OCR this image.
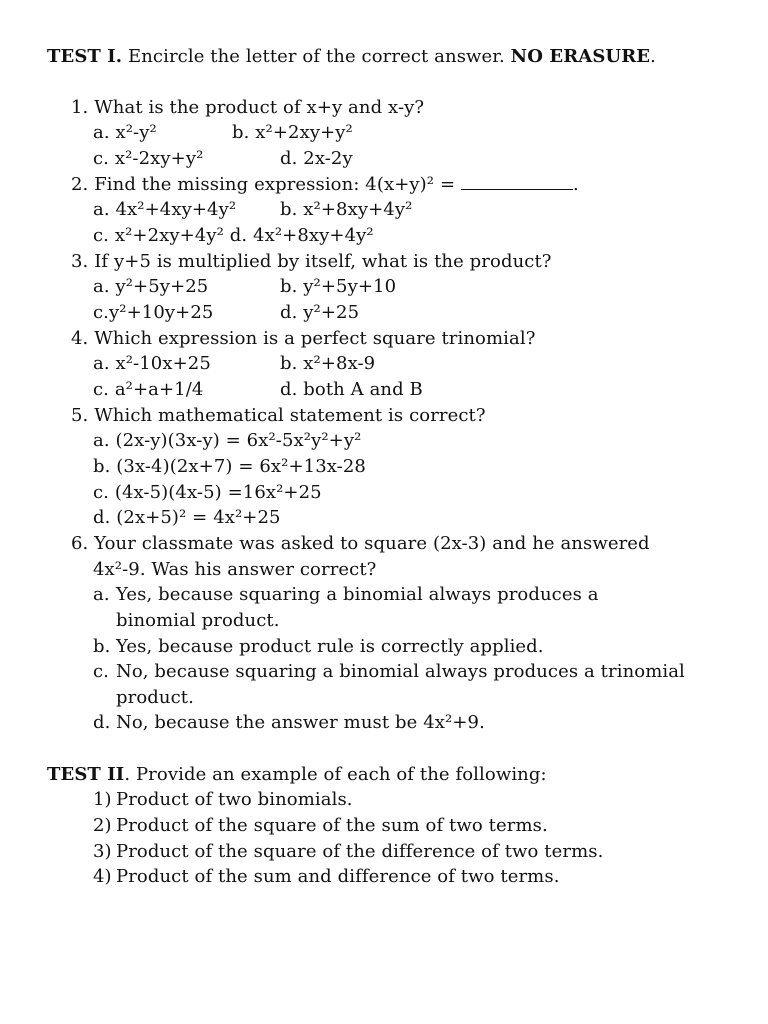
TEST I. Encircle the letter of the correct answer. NO ERASURE.
1. What is the product of x+y and x-y?
a. x²-y²	b. x²+2xy+y²
c. x²-2xy+y²	d. 2x-2y
2. Find the missing expression: 4(x+y)² =	.
a. 4x²+4xy+4y² b. x²+8xy+4y²
c. x²+2xy+4y² d. 4x²+8xy+4y²
3. If y+5 is multiplied by itself, what is the product?
a. y²+5y+25	b. y²+5y+10
c.y²+10y+25	d. y²+25
4. Which expression is a perfect square trinomial?
a. x²-10x+25	b. x²+8x-9
c. a²+a+1/4	d. both A and B
5. Which mathematical statement is correct?
a. (2x-y)(3x-y) = 6x²-5x²y²+y²
b. (3x-4)(2x+7) = 6x²+13x-28
c. (4x-5)(4x-5) =16x²+25
d. (2x+5)² = 4x²+25
6. Your classmate was asked to square (2x-3) and he answered
4x²-9. Was his answer correct?
a. Yes, because squaring a binomial always produces a
binomial product.
b. Yes, because product rule is correctly applied.
c. No, because squaring a binomial always produces a trinomial
product.
d. No, because the answer must be 4x²+9.
TEST II. Provide an example of each of the following:
1) Product of two binomials.
2) Product of the square of the sum of two terms.
3) Product of the square of the difference of two terms.
4) Product of the sum and difference of two terms.
